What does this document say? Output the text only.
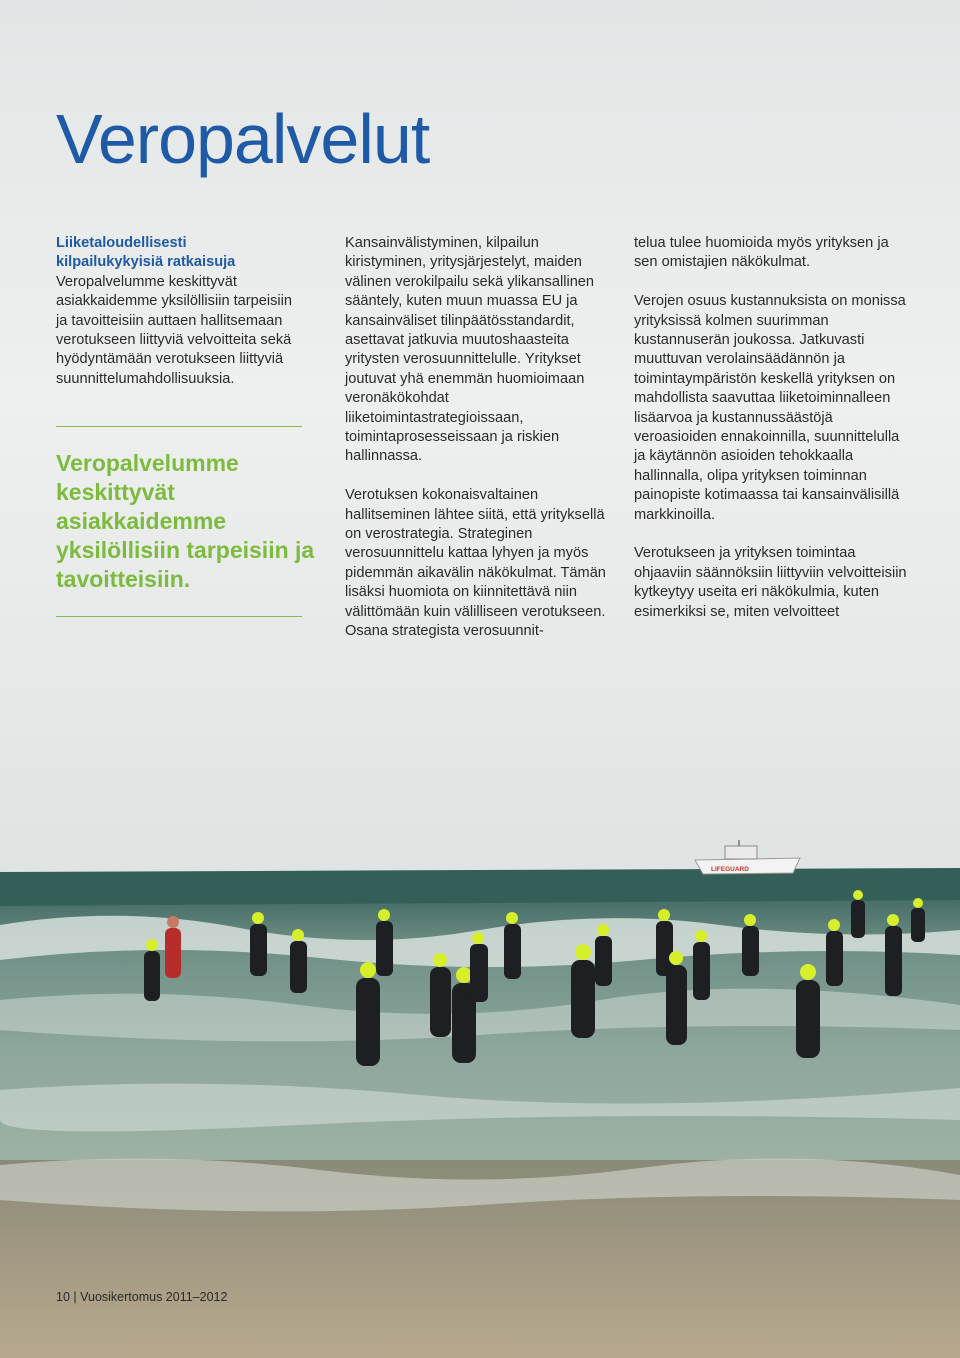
LIFEGUARD
Veropalvelut

Liiketaloudellisesti
kilpailukykyisiä ratkaisuja
Veropalvelumme keskittyvät asiakkaidemme yksilöllisiin tarpeisiin ja tavoitteisiin auttaen hallitsemaan verotukseen liittyviä velvoitteita sekä hyödyntämään verotukseen liittyviä suunnittelumahdollisuuksia.

Veropalvelumme keskittyvät asiakkaidemme yksilöllisiin tarpeisiin ja tavoitteisiin.

Kansainvälistyminen, kilpailun kiristyminen, yritysjärjestelyt, maiden välinen verokilpailu sekä ylikansallinen sääntely, kuten muun muassa EU ja kansainväliset tilinpäätösstandardit, asettavat jatkuvia muutoshaasteita yritysten verosuunnittelulle. Yritykset joutuvat yhä enemmän huomioimaan veronäkökohdat liiketoimintastrategioissaan, toimintaprosesseissaan ja riskien hallinnassa.

Verotuksen kokonaisvaltainen hallitseminen lähtee siitä, että yrityksellä on verostrategia. Strateginen verosuunnittelu kattaa lyhyen ja myös pidemmän aikavälin näkökulmat. Tämän lisäksi huomiota on kiinnitettävä niin välittömään kuin välilliseen verotukseen. Osana strategista verosuunnit-

telua tulee huomioida myös yrityksen ja sen omistajien näkökulmat.

Verojen osuus kustannuksista on monissa yrityksissä kolmen suurimman kustannuserän joukossa. Jatkuvasti muuttuvan verolainsäädännön ja toimintaympäristön keskellä yrityksen on mahdollista saavuttaa liiketoiminnalleen lisäarvoa ja kustannussäästöjä veroasioiden ennakoinnilla, suunnittelulla ja käytännön asioiden tehokkaalla hallinnalla, olipa yrityksen toiminnan painopiste kotimaassa tai kansainvälisillä markkinoilla.

Verotukseen ja yrityksen toimintaa ohjaaviin säännöksiin liittyviin velvoitteisiin kytkeytyy useita eri näkökulmia, kuten esimerkiksi se, miten velvoitteet

10 | Vuosikertomus 2011–2012
